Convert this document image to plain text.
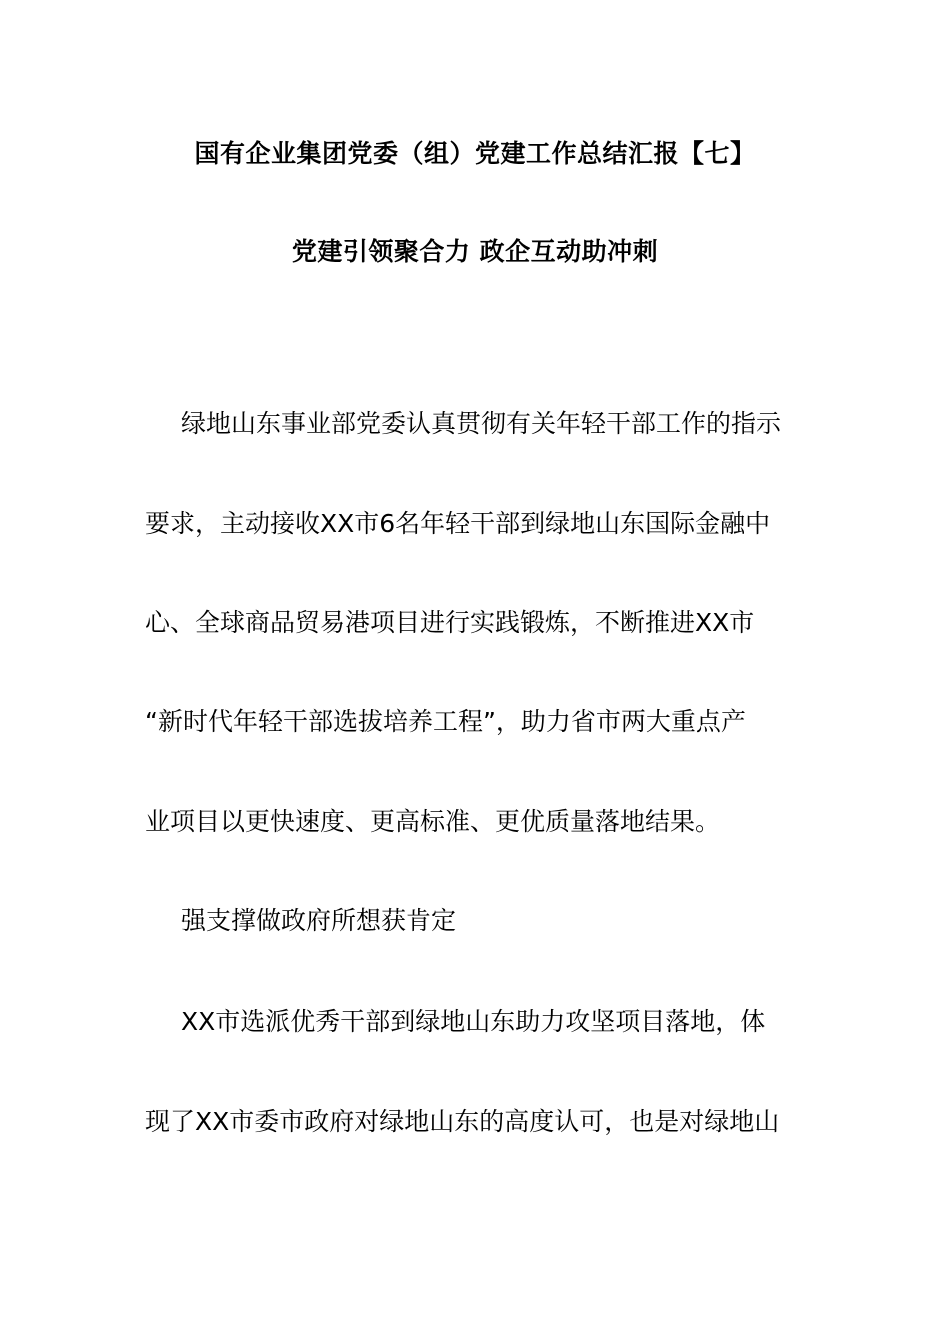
国有企业集团党委（组）党建工作总结汇报【七】
党建引领聚合力 政企互动助冲刺
绿地山东事业部党委认真贯彻有关年轻干部工作的指示
要求，主动接收XX市6名年轻干部到绿地山东国际金融中
心、全球商品贸易港项目进行实践锻炼，不断推进XX市
“新时代年轻干部选拔培养工程”，助力省市两大重点产
业项目以更快速度、更高标准、更优质量落地结果。
强支撑做政府所想获肯定
XX市选派优秀干部到绿地山东助力攻坚项目落地，体
现了XX市委市政府对绿地山东的高度认可，也是对绿地山
